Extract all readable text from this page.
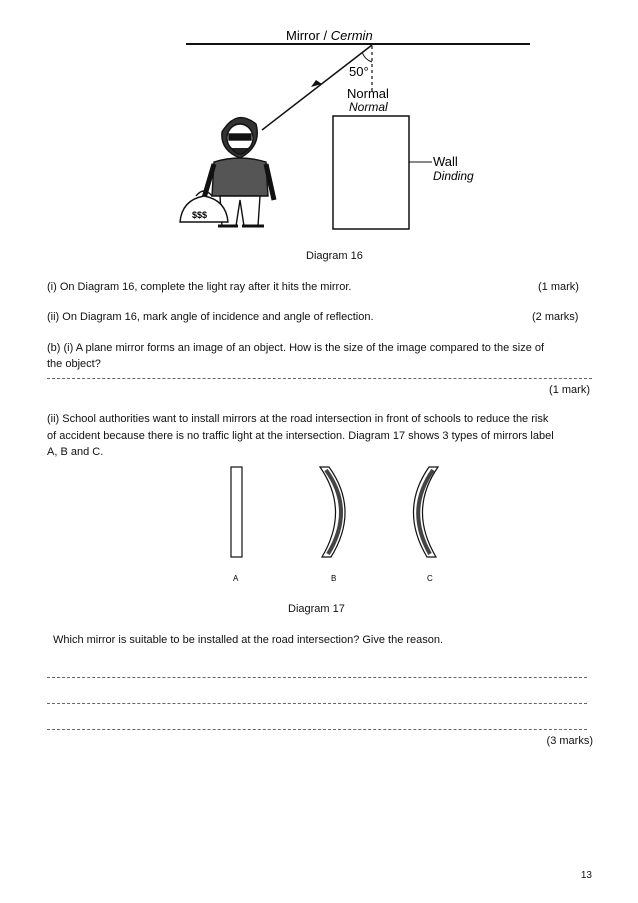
Mirror / Cermin
50°
Normal
Normal
Wall
Dinding
$$$
Diagram 16
(i) On Diagram 16, complete the light ray after it hits the mirror.	(1 mark)
(ii) On Diagram 16, mark angle of incidence and angle of reflection.	(2 marks)
(b) (i) A plane mirror forms an image of an object. How is the size of the image compared to the size of
the object?
(1 mark)
(ii) School authorities want to install mirrors at the road intersection in front of schools to reduce the risk
of accident because there is no traffic light at the intersection. Diagram 17 shows 3 types of mirrors label
A, B and C.
A	B	C
Diagram 17
Which mirror is suitable to be installed at the road intersection? Give the reason.
(3 marks)
13
